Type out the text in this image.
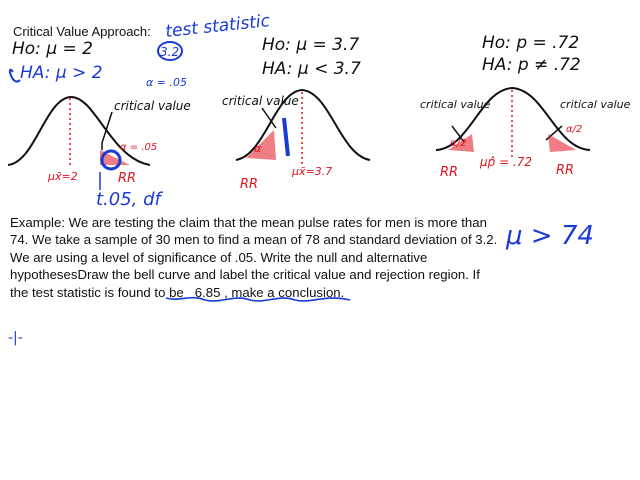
Critical Value Approach: test statistic
3.2
Ho: μ = 2
HA: μ > 2	α = .05
critical value
α = .05
μx̄=2	RR
t.05, df
Ho: μ = 3.7
HA: μ < 3.7
critical value
α
RR
μx̄=3.7
Ho: p = .72
HA: p ≠ .72
critical value	critical value
α/2
α/2
μp̂ = .72
RR	RR
μ > 74
-|-
Example: We are testing the claim that the mean pulse rates for men is more than 74. We take a sample of 30 men to find a mean of 78 and standard deviation of 3.2. We are using a level of significance of .05. Write the null and alternative hypothesesDraw the bell curve and label the critical value and rejection region. If the test statistic is found to be 6.85 , make a conclusion.
